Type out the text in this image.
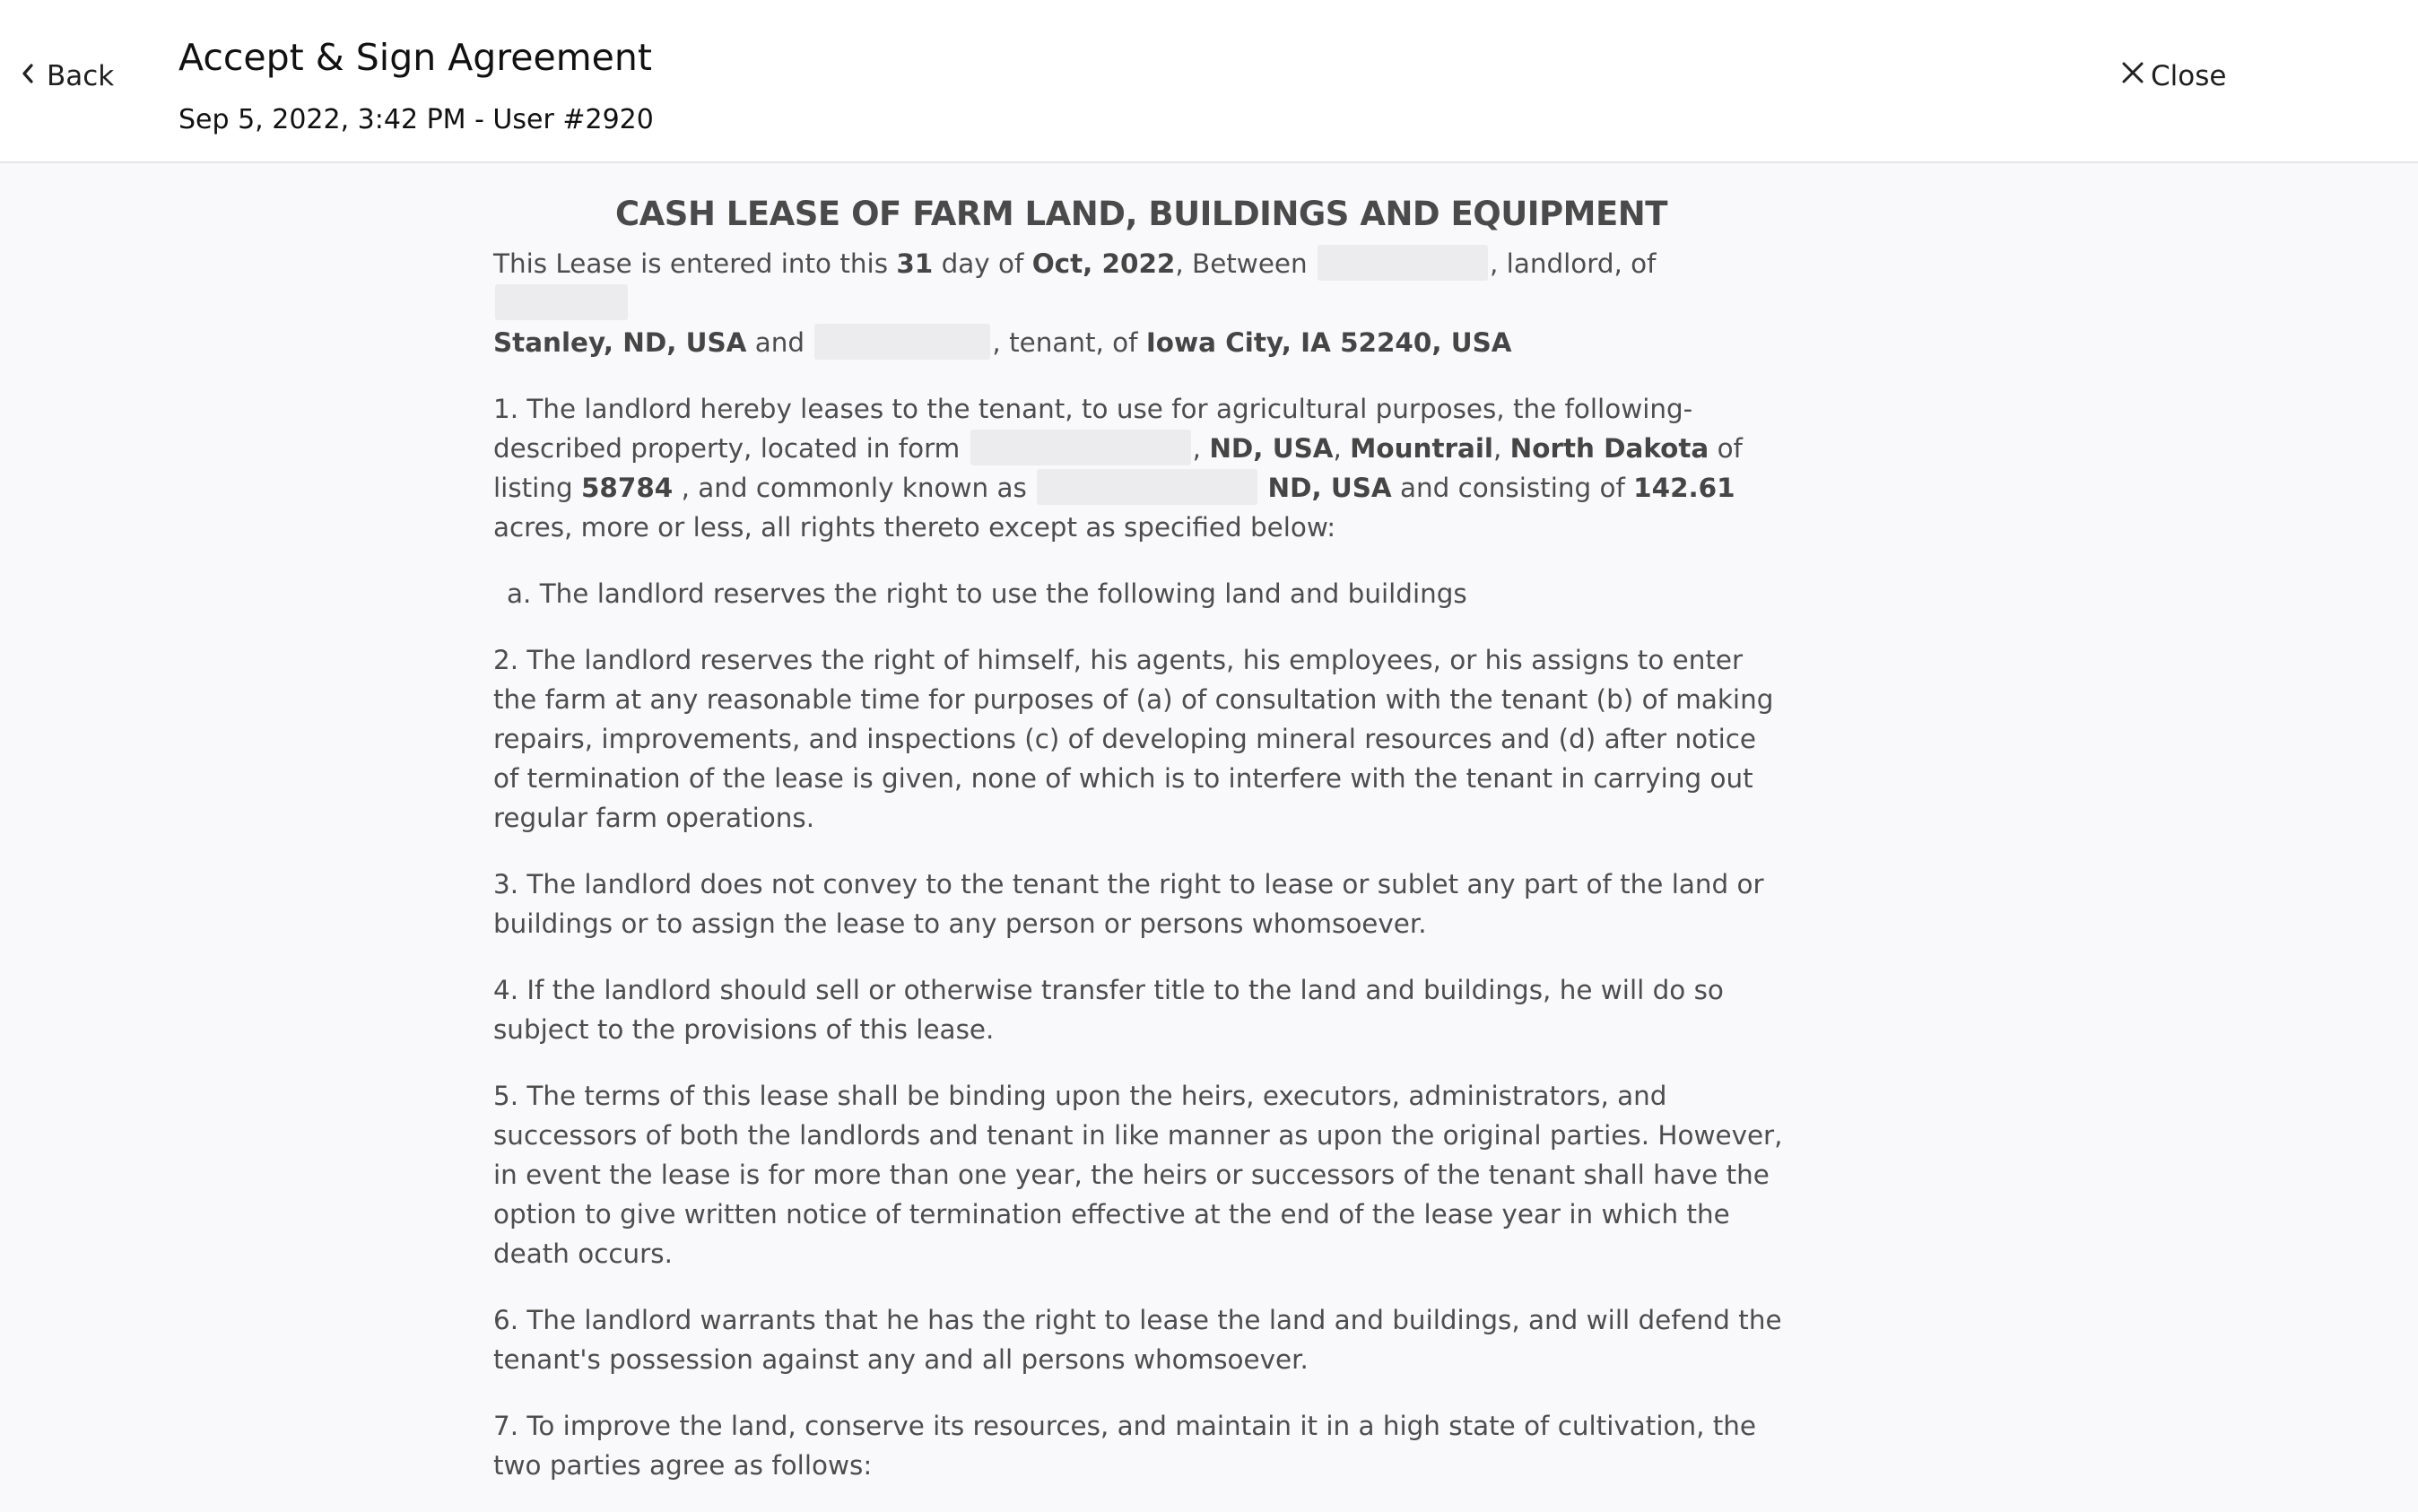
Back Accept & Sign Agreement
Sep 5, 2022, 3:42 PM - User #2920
Close
CASH LEASE OF FARM LAND, BUILDINGS AND EQUIPMENT

This Lease is entered into this 31 day of Oct, 2022, Between	, landlord, of
Stanley, ND, USA and	, tenant, of Iowa City, IA 52240, USA

1. The landlord hereby leases to the tenant, to use for agricultural purposes, the following-described property, located in form	, ND, USA, Mountrail, North Dakota of listing 58784 , and commonly known as	ND, USA and consisting of 142.61 acres, more or less, all rights thereto except as specified below:

a. The landlord reserves the right to use the following land and buildings

2. The landlord reserves the right of himself, his agents, his employees, or his assigns to enter the farm at any reasonable time for purposes of (a) of consultation with the tenant (b) of making repairs, improvements, and inspections (c) of developing mineral resources and (d) after notice of termination of the lease is given, none of which is to interfere with the tenant in carrying out regular farm operations.

3. The landlord does not convey to the tenant the right to lease or sublet any part of the land or buildings or to assign the lease to any person or persons whomsoever.

4. If the landlord should sell or otherwise transfer title to the land and buildings, he will do so subject to the provisions of this lease.

5. The terms of this lease shall be binding upon the heirs, executors, administrators, and successors of both the landlords and tenant in like manner as upon the original parties. However, in event the lease is for more than one year, the heirs or successors of the tenant shall have the option to give written notice of termination effective at the end of the lease year in which the death occurs.

6. The landlord warrants that he has the right to lease the land and buildings, and will defend the tenant's possession against any and all persons whomsoever.

7. To improve the land, conserve its resources, and maintain it in a high state of cultivation, the two parties agree as follows:
